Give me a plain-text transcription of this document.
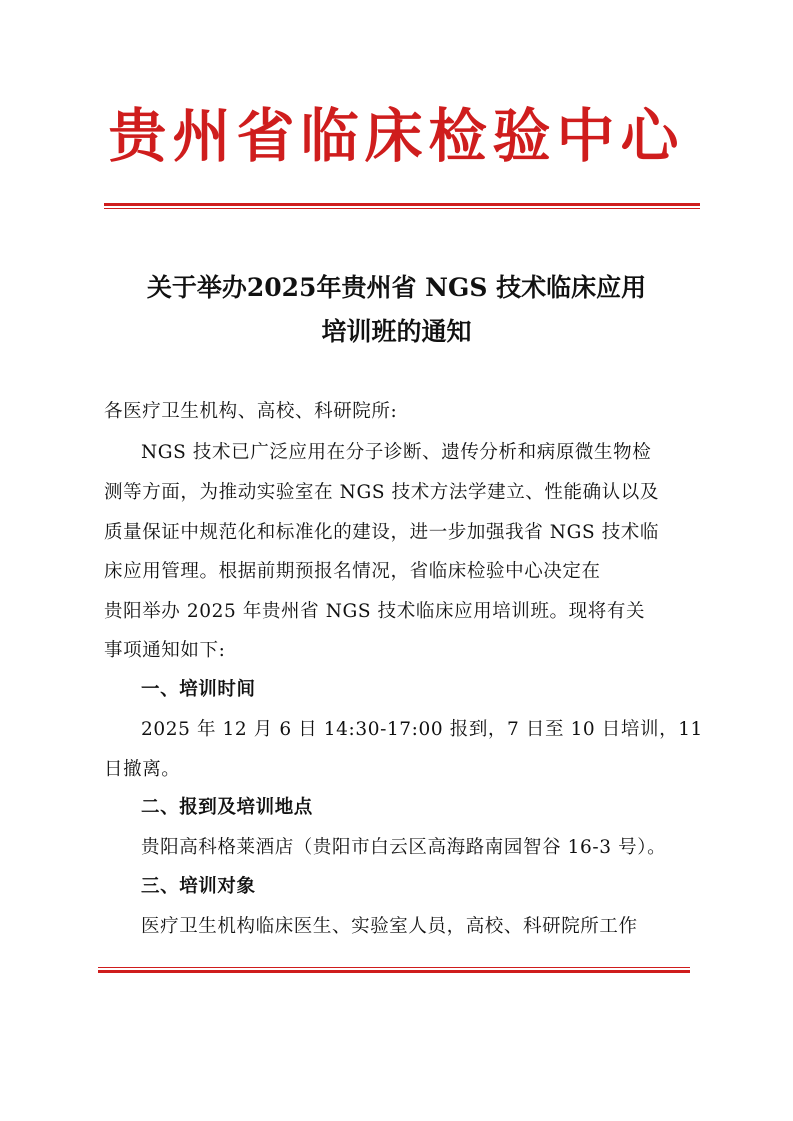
贵州省临床检验中心
关于举办2025年贵州省 NGS 技术临床应用
培训班的通知
各医疗卫生机构、高校、科研院所:
NGS 技术已广泛应用在分子诊断、遗传分析和病原微生物检
测等方面，为推动实验室在 NGS 技术方法学建立、性能确认以及
质量保证中规范化和标准化的建设，进一步加强我省 NGS 技术临
床应用管理。根据前期预报名情况，省临床检验中心决定在
贵阳举办 2025 年贵州省 NGS 技术临床应用培训班。现将有关
事项通知如下:
一、培训时间
2025 年 12 月 6 日 14:30-17:00 报到，7 日至 10 日培训，11
日撤离。
二、报到及培训地点
贵阳高科格莱酒店（贵阳市白云区高海路南园智谷 16-3 号）。
三、培训对象
医疗卫生机构临床医生、实验室人员，高校、科研院所工作
